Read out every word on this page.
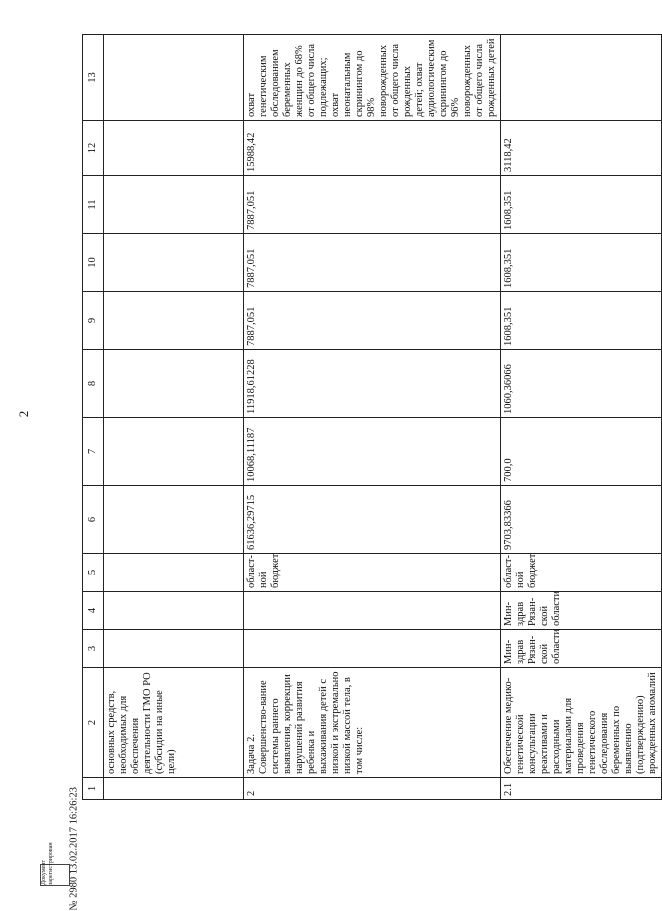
2
1	2	3	4	5	6	7	8	9	10	11	12	13
	основных средств, необходимых для обеспечения деятельности ГМО РО (субсидии на иные цели)											
2	Задача 2. Совершенство-вание системы раннего выявления, коррекции нарушений развития ребенка и выхаживания детей с низкой и экстремально низкой массой тела, в том числе:			област-ной бюджет	61636,29715	10068,11187	11918,61228	7887,051	7887,051	7887,051	15988,42	охват генетическим обследованием беременных женщин до 68% от общего числа подлежащих; охват неонатальным скринингом до 98% новорожденных от общего числа рожденных детей; охват аудиологическим скринингом до 96% новорожденных от общего числа рожденных детей
2.1	Обеспечение медико-генетической консультации реактивами и расходными материалами для проведения генетического обследования беременных по выявлению (подтверждению) врожденных аномалий	Мин-здрав Рязан-ской области	Мин-здрав Рязан-ской области	област-ной бюджет	9703,83366	700,0	1060,36066	1608,351	1608,351	1608,351	3118,42	
№ 2980 13.02.2017 16:26:23
Документ зарегистрирован
